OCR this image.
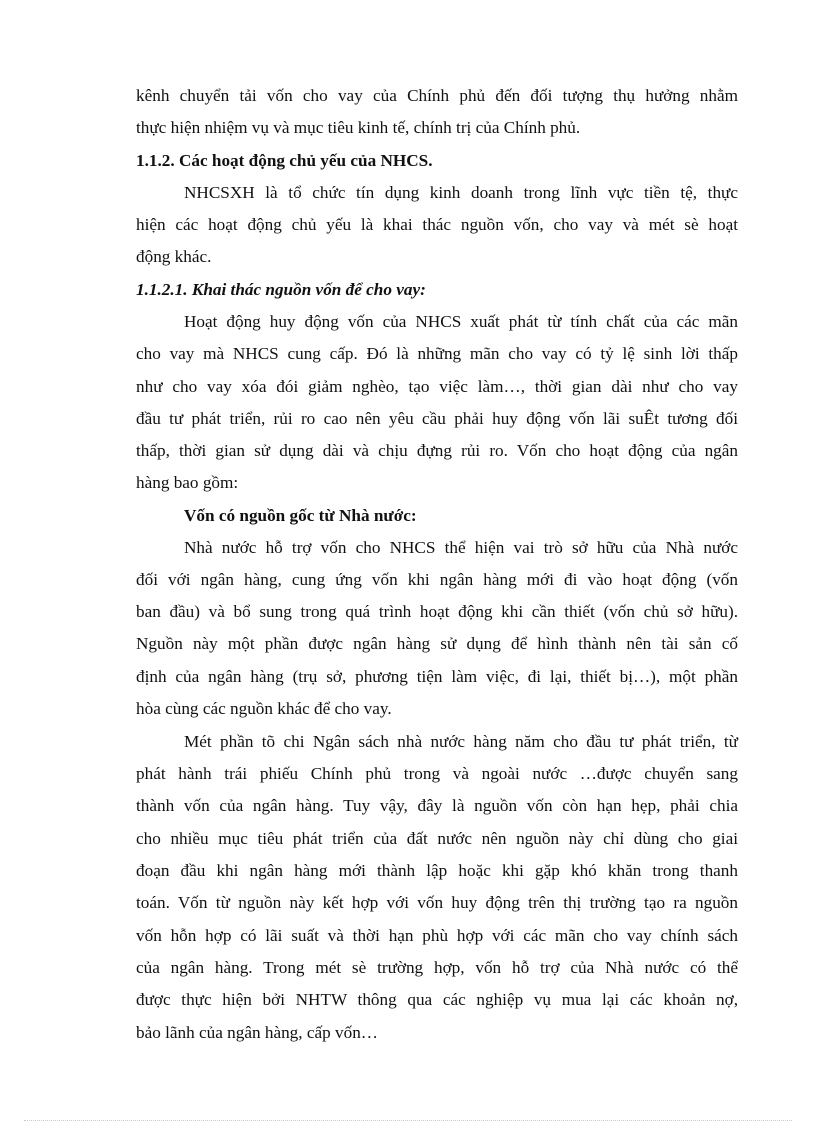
kênh chuyển tải vốn cho vay của Chính phủ đến đối tượng thụ hưởng nhằm
thực hiện nhiệm vụ và mục tiêu kinh tế, chính trị của Chính phủ.
1.1.2. Các hoạt động chủ yếu của NHCS.
NHCSXH là tổ chức tín dụng kinh doanh trong lĩnh vực tiền tệ, thực
hiện các hoạt động chủ yếu là khai thác nguồn vốn, cho vay và mét sè hoạt
động khác.
1.1.2.1. Khai thác nguồn vốn để cho vay:
Hoạt động huy động vốn của NHCS xuất phát từ tính chất của các mãn
cho vay mà NHCS cung cấp. Đó là những mãn cho vay có tỷ lệ sinh lời thấp
như cho vay xóa đói giảm nghèo, tạo việc làm…, thời gian dài như cho vay
đầu tư phát triển, rủi ro cao nên yêu cầu phải huy động vốn lãi suÊt tương đối
thấp, thời gian sử dụng dài và chịu đựng rủi ro. Vốn cho hoạt động của ngân
hàng bao gồm:
Vốn có nguồn gốc từ Nhà nước:
Nhà nước hỗ trợ vốn cho NHCS thể hiện vai trò sở hữu của Nhà nước
đối với ngân hàng, cung ứng vốn khi ngân hàng mới đi vào hoạt động (vốn
ban đầu) và bổ sung trong quá trình hoạt động khi cần thiết (vốn chủ sở hữu).
Nguồn này một phần được ngân hàng sử dụng để hình thành nên tài sản cố
định của ngân hàng (trụ sở, phương tiện làm việc, đi lại, thiết bị…), một phần
hòa cùng các nguồn khác để cho vay.
Mét phần tõ chi Ngân sách nhà nước hàng năm cho đầu tư phát triển, từ
phát hành trái phiếu Chính phủ trong và ngoài nước …được chuyển sang
thành vốn của ngân hàng. Tuy vậy, đây là nguồn vốn còn hạn hẹp, phải chia
cho nhiều mục tiêu phát triển của đất nước nên nguồn này chỉ dùng cho giai
đoạn đầu khi ngân hàng mới thành lập hoặc khi gặp khó khăn trong thanh
toán. Vốn từ nguồn này kết hợp với vốn huy động trên thị trường tạo ra nguồn
vốn hỗn hợp có lãi suất và thời hạn phù hợp với các mãn cho vay chính sách
của ngân hàng. Trong mét sè trường hợp, vốn hỗ trợ của Nhà nước có thể
được thực hiện bởi NHTW thông qua các nghiệp vụ mua lại các khoản nợ,
bảo lãnh của ngân hàng, cấp vốn…
